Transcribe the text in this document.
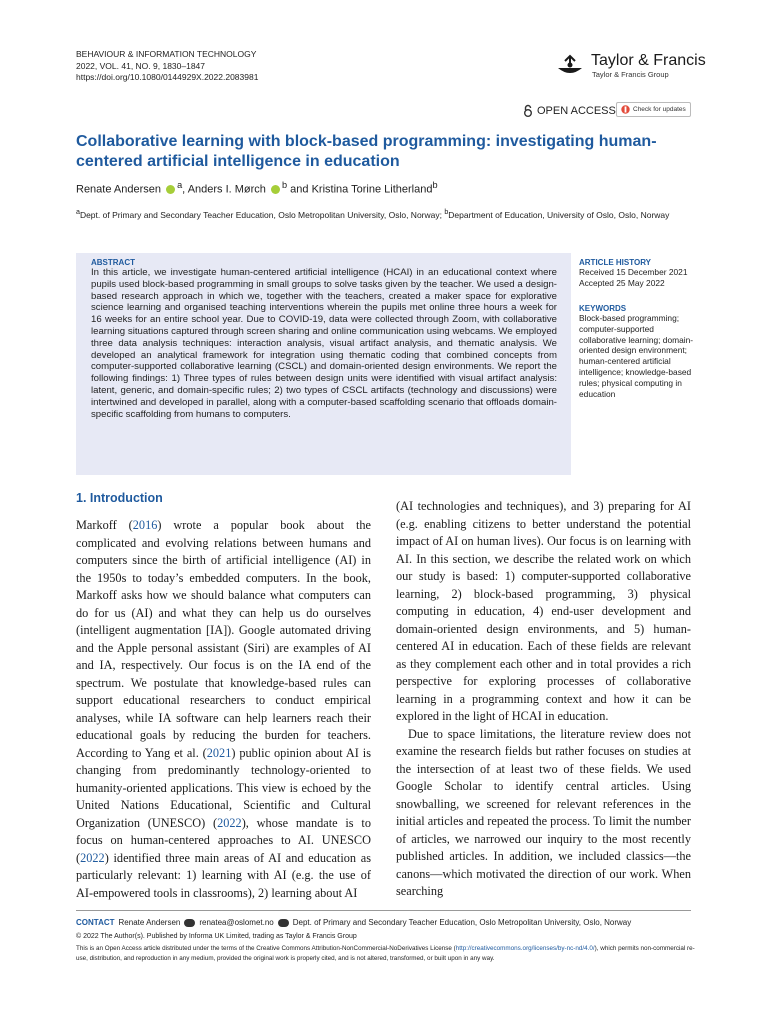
BEHAVIOUR & INFORMATION TECHNOLOGY
2022, VOL. 41, NO. 9, 1830–1847
https://doi.org/10.1080/0144929X.2022.2083981
Taylor & Francis
Taylor & Francis Group
OPEN ACCESS	Check for updates
Collaborative learning with block-based programming: investigating human-centered artificial intelligence in education
Renate Andersen $^a$, Anders I. Mørch $^b$ and Kristina Torine Litherland$^b$
$^a$Dept. of Primary and Secondary Teacher Education, Oslo Metropolitan University, Oslo, Norway; $^b$Department of Education, University of Oslo, Oslo, Norway
ABSTRACT
In this article, we investigate human-centered artificial intelligence (HCAI) in an educational context where pupils used block-based programming in small groups to solve tasks given by the teacher. We used a design-based research approach in which we, together with the teachers, created a maker space for explorative science learning and organised teaching interventions wherein the pupils met online three hours a week for 16 weeks for an entire school year. Due to COVID-19, data were collected through Zoom, with collaborative learning situations captured through screen sharing and online communication using webcams. We employed three data analysis techniques: interaction analysis, visual artifact analysis, and thematic analysis. We developed an analytical framework for integration using thematic coding that combined concepts from computer-supported collaborative learning (CSCL) and domain-oriented design environments. We report the following findings: 1) Three types of rules between design units were identified with visual artifact analysis: latent, generic, and domain-specific rules; 2) two types of CSCL artifacts (technology and discussions) were intertwined and developed in parallel, along with a computer-based scaffolding scenario that offloads domain-specific scaffolding from humans to computers.
ARTICLE HISTORY
Received 15 December 2021
Accepted 25 May 2022
KEYWORDS
Block-based programming; computer-supported collaborative learning; domain-oriented design environment; human-centered artificial intelligence; knowledge-based rules; physical computing in education
1. Introduction

Markoff (2016) wrote a popular book about the complicated and evolving relations between humans and computers since the birth of artificial intelligence (AI) in the 1950s to today’s embedded computers. In the book, Markoff asks how we should balance what computers can do for us (AI) and what they can help us do ourselves (intelligent augmentation [IA]). Google automated driving and the Apple personal assistant (Siri) are examples of AI and IA, respectively. Our focus is on the IA end of the spectrum. We postulate that knowledge-based rules can support educational researchers to conduct empirical analyses, while IA software can help learners reach their educational goals by reducing the burden for teachers. According to Yang et al. (2021) public opinion about AI is changing from predominantly technology-oriented to humanity-oriented applications. This view is echoed by the United Nations Educational, Scientific and Cultural Organization (UNESCO) (2022), whose mandate is to focus on human-centered approaches to AI. UNESCO (2022) identified three main areas of AI and education as particularly relevant: 1) learning with AI (e.g. the use of AI-empowered tools in classrooms), 2) learning about AI

(AI technologies and techniques), and 3) preparing for AI (e.g. enabling citizens to better understand the potential impact of AI on human lives). Our focus is on learning with AI. In this section, we describe the related work on which our study is based: 1) computer-supported collaborative learning, 2) block-based programming, 3) physical computing in education, 4) end-user development and domain-oriented design environments, and 5) human-centered AI in education. Each of these fields are relevant as they complement each other and in total provides a rich perspective for exploring processes of collaborative learning in a programming context and how it can be explored in the light of HCAI in education.

Due to space limitations, the literature review does not examine the research fields but rather focuses on studies at the intersection of at least two of these fields. We used Google Scholar to identify central articles. Using snowballing, we screened for relevant references in the initial articles and repeated the process. To limit the number of articles, we narrowed our inquiry to the most recently published articles. In addition, we included classics—the canons—which motivated the direction of our work. When searching

CONTACT Renate Andersen renatea@oslomet.no Dept. of Primary and Secondary Teacher Education, Oslo Metropolitan University, Oslo, Norway
© 2022 The Author(s). Published by Informa UK Limited, trading as Taylor & Francis Group
This is an Open Access article distributed under the terms of the Creative Commons Attribution-NonCommercial-NoDerivatives License (http://creativecommons.org/licenses/by-nc-nd/4.0/), which permits non-commercial re-use, distribution, and reproduction in any medium, provided the original work is properly cited, and is not altered, transformed, or built upon in any way.
